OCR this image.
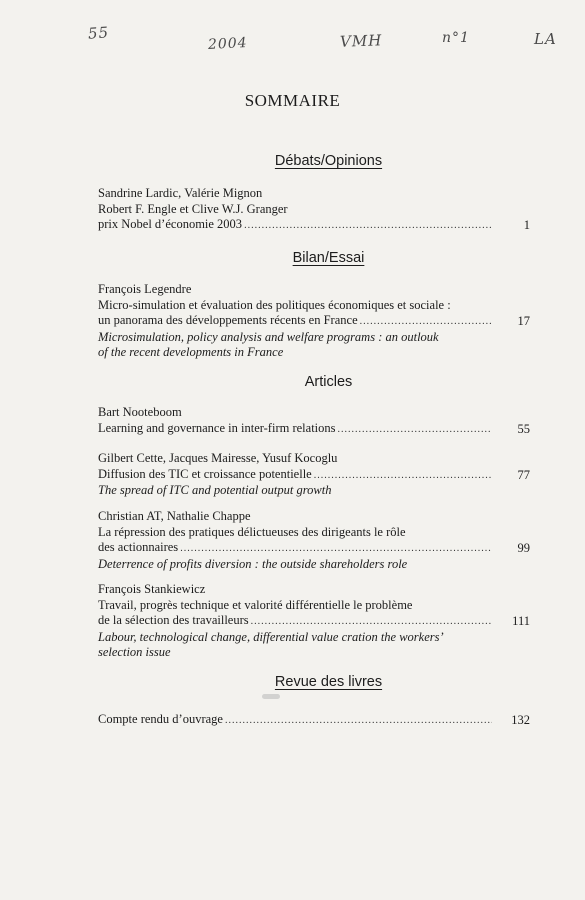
55
2004	VMH	n°1	LA
SOMMAIRE
Débats/Opinions
Sandrine Lardic, Valérie Mignon
Robert F. Engle et Clive W.J. Granger
prix Nobel d’économie 2003 .....	1
Bilan/Essai
François Legendre
Micro-simulation et évaluation des politiques économiques et sociale :
un panorama des développements récents en France .....	17
Microsimulation, policy analysis and welfare programs : an outlouk
of the recent developments in France
Articles
Bart Nooteboom
Learning and governance in inter-firm relations .....	55
Gilbert Cette, Jacques Mairesse, Yusuf Kocoglu
Diffusion des TIC et croissance potentielle .....	77
The spread of ITC and potential output growth
Christian AT, Nathalie Chappe
La répression des pratiques délictueuses des dirigeants le rôle
des actionnaires .....	99
Deterrence of profits diversion : the outside shareholders role
François Stankiewicz
Travail, progrès technique et valorité différentielle le problème
de la sélection des travailleurs .....	111
Labour, technological change, differential value cration the workers’
selection issue
Revue des livres
Compte rendu d’ouvrage .....	132
